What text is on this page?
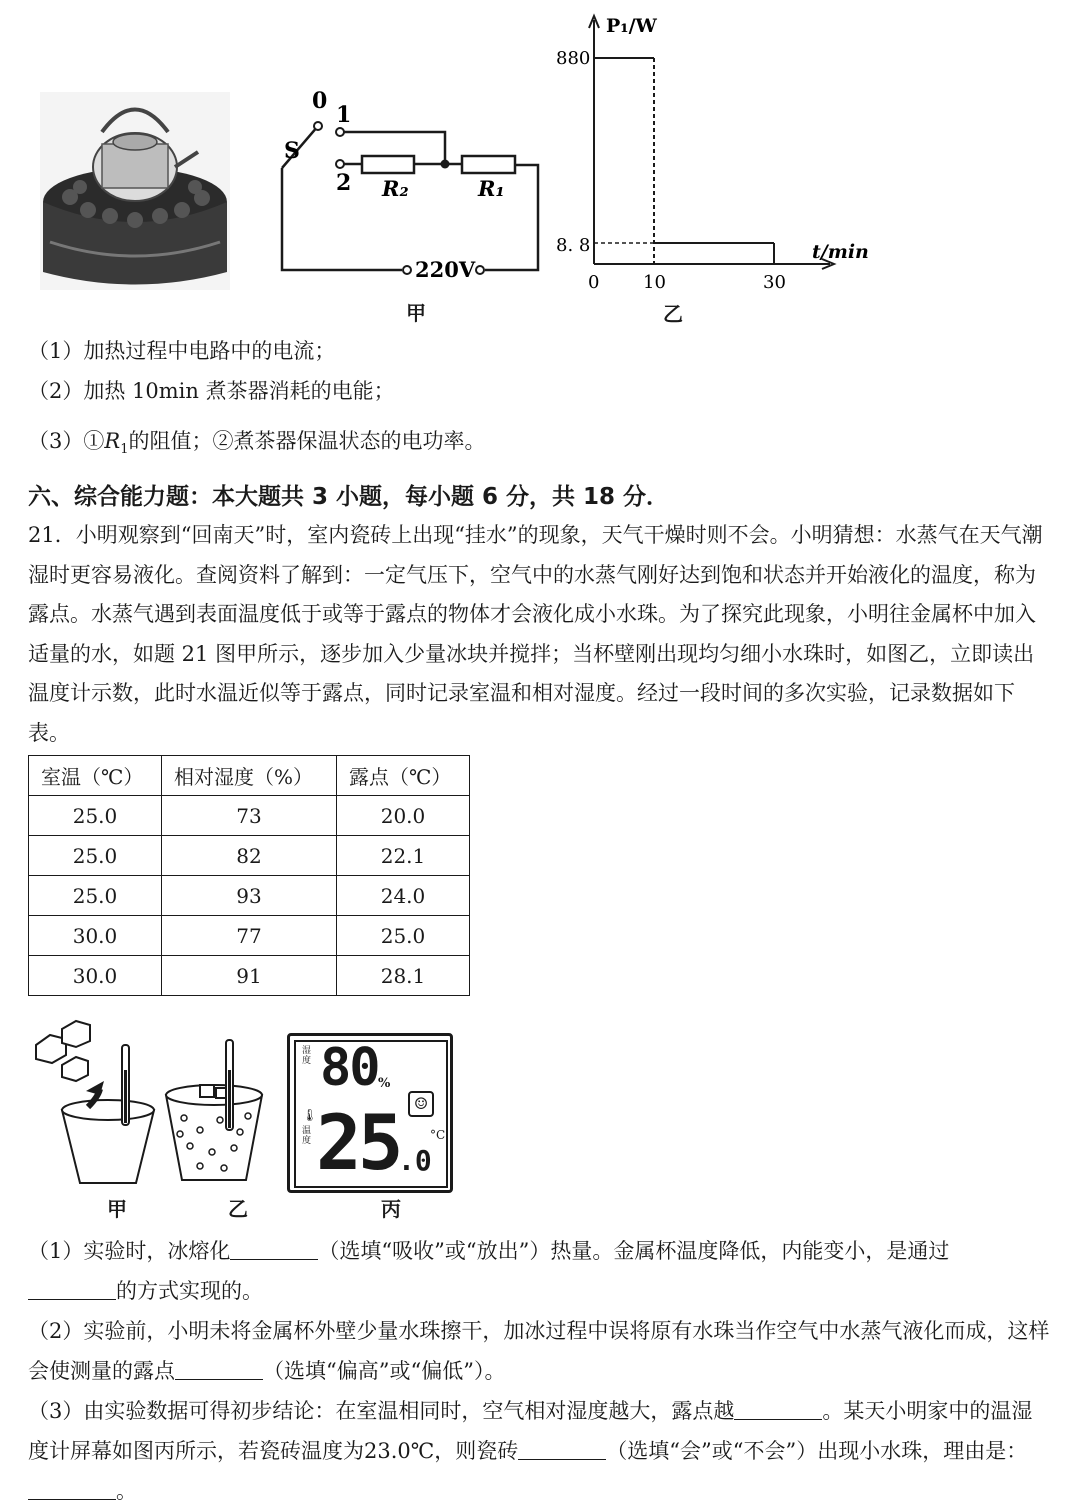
0
1
2
S
R₂	R₁
220V
甲
P₁/W
t/min
880
8. 8
0 10	30
乙
（1）加热过程中电路中的电流；
（2）加热 10min 煮茶器消耗的电能；
$(3)①R_1$的阻值；②煮茶器保温状态的电功率。
六、综合能力题：本大题共 3 小题，每小题 6 分，共 18 分．
21．小明观察到“回南天”时，室内瓷砖上出现“挂水”的现象，天气干燥时则不会。小明猜想：水蒸气在天气潮湿时更容易液化。查阅资料了解到：一定气压下，空气中的水蒸气刚好达到饱和状态并开始液化的温度，称为露点。水蒸气遇到表面温度低于或等于露点的物体才会液化成小水珠。为了探究此现象，小明往金属杯中加入适量的水，如题 21 图甲所示，逐步加入少量冰块并搅拌；当杯壁刚出现均匀细小水珠时，如图乙，立即读出温度计示数，此时水温近似等于露点，同时记录室温和相对湿度。经过一段时间的多次实验，记录数据如下表。
室温（℃）	相对湿度（%）	露点（℃）
25.0	73	20.0
25.0	82	22.1
25.0	93	24.0
30.0	77	25.0
30.0	91	28.1
湿度 80 %
☺
🌡
温度 25
.0
°C
甲	乙	丙
（1）实验时，冰熔化	（选填“吸收”或“放出”）热量。金属杯温度降低，内能变小，是通过
的方式实现的。
（2）实验前，小明未将金属杯外壁少量水珠擦干，加冰过程中误将原有水珠当作空气中水蒸气液化而成，这样会使测量的露点	（选填“偏高”或“偏低”）。
（3）由实验数据可得初步结论：在室温相同时，空气相对湿度越大，露点越	。某天小明家中的温湿度计屏幕如图丙所示，若瓷砖温度为23.0℃，则瓷砖	（选填“会”或“不会”）出现小水珠，理由是：。
